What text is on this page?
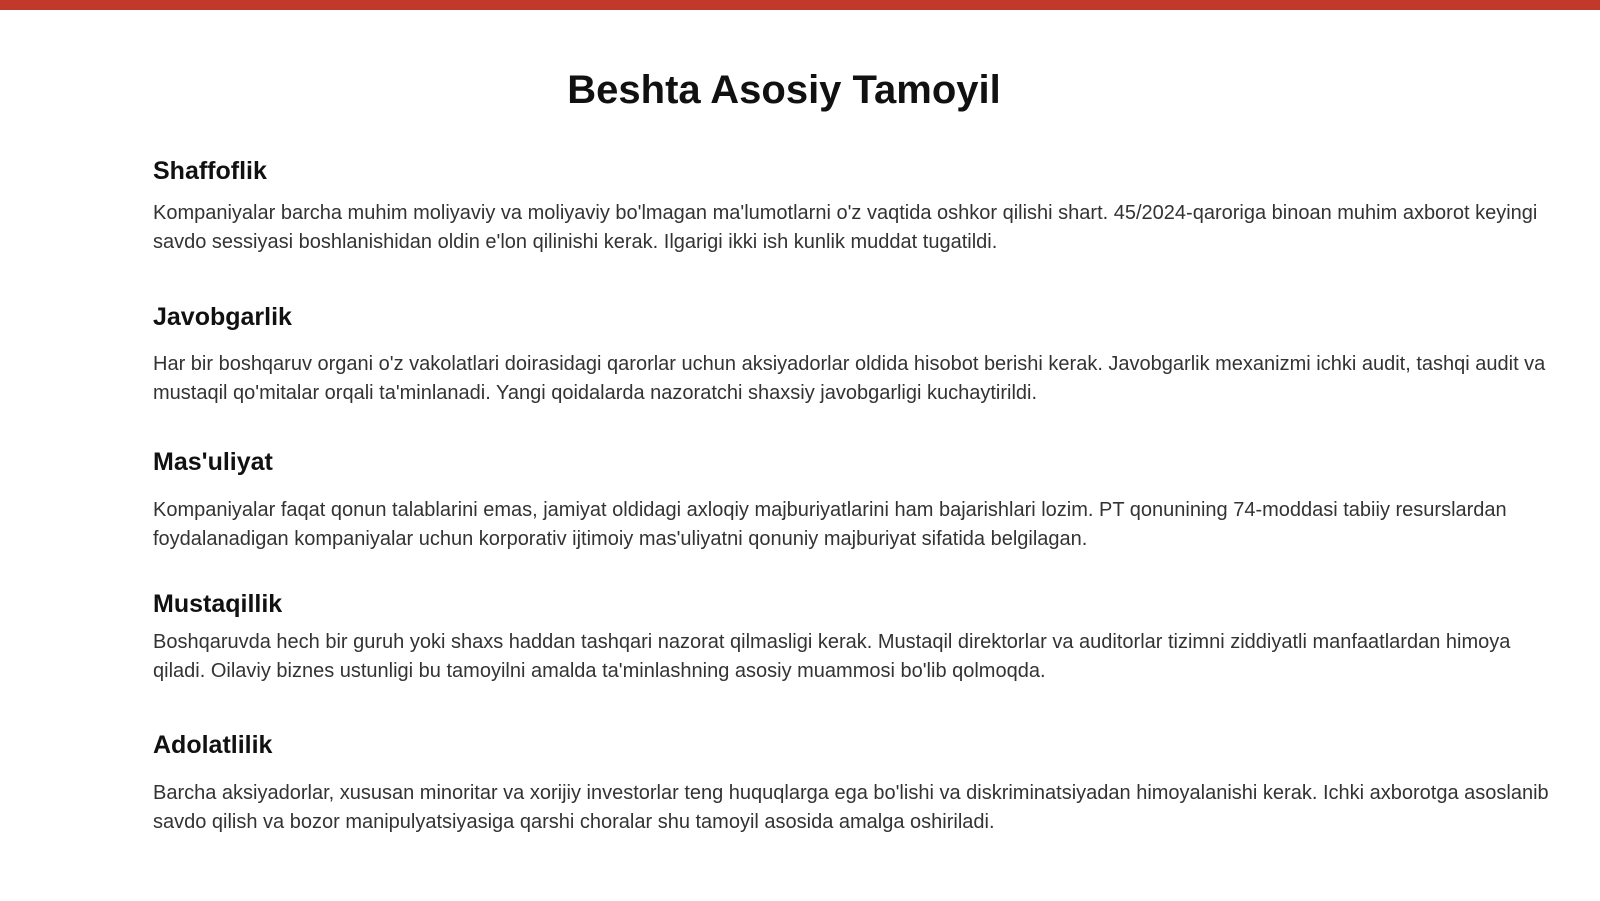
Beshta Asosiy Tamoyil
Shaffoflik

Kompaniyalar barcha muhim moliyaviy va moliyaviy bo'lmagan ma'lumotlarni o'z vaqtida oshkor qilishi shart. 45/2024-qaroriga binoan muhim axborot keyingi savdo sessiyasi boshlanishidan oldin e'lon qilinishi kerak. Ilgarigi ikki ish kunlik muddat tugatildi.

Javobgarlik

Har bir boshqaruv organi o'z vakolatlari doirasidagi qarorlar uchun aksiyadorlar oldida hisobot berishi kerak. Javobgarlik mexanizmi ichki audit, tashqi audit va mustaqil qo'mitalar orqali ta'minlanadi. Yangi qoidalarda nazoratchi shaxsiy javobgarligi kuchaytirildi.

Mas'uliyat

Kompaniyalar faqat qonun talablarini emas, jamiyat oldidagi axloqiy majburiyatlarini ham bajarishlari lozim. PT qonunining 74-moddasi tabiiy resurslardan foydalanadigan kompaniyalar uchun korporativ ijtimoiy mas'uliyatni qonuniy majburiyat sifatida belgilagan.

Mustaqillik

Boshqaruvda hech bir guruh yoki shaxs haddan tashqari nazorat qilmasligi kerak. Mustaqil direktorlar va auditorlar tizimni ziddiyatli manfaatlardan himoya qiladi. Oilaviy biznes ustunligi bu tamoyilni amalda ta'minlashning asosiy muammosi bo'lib qolmoqda.

Adolatlilik

Barcha aksiyadorlar, xususan minoritar va xorijiy investorlar teng huquqlarga ega bo'lishi va diskriminatsiyadan himoyalanishi kerak. Ichki axborotga asoslanib savdo qilish va bozor manipulyatsiyasiga qarshi choralar shu tamoyil asosida amalga oshiriladi.
